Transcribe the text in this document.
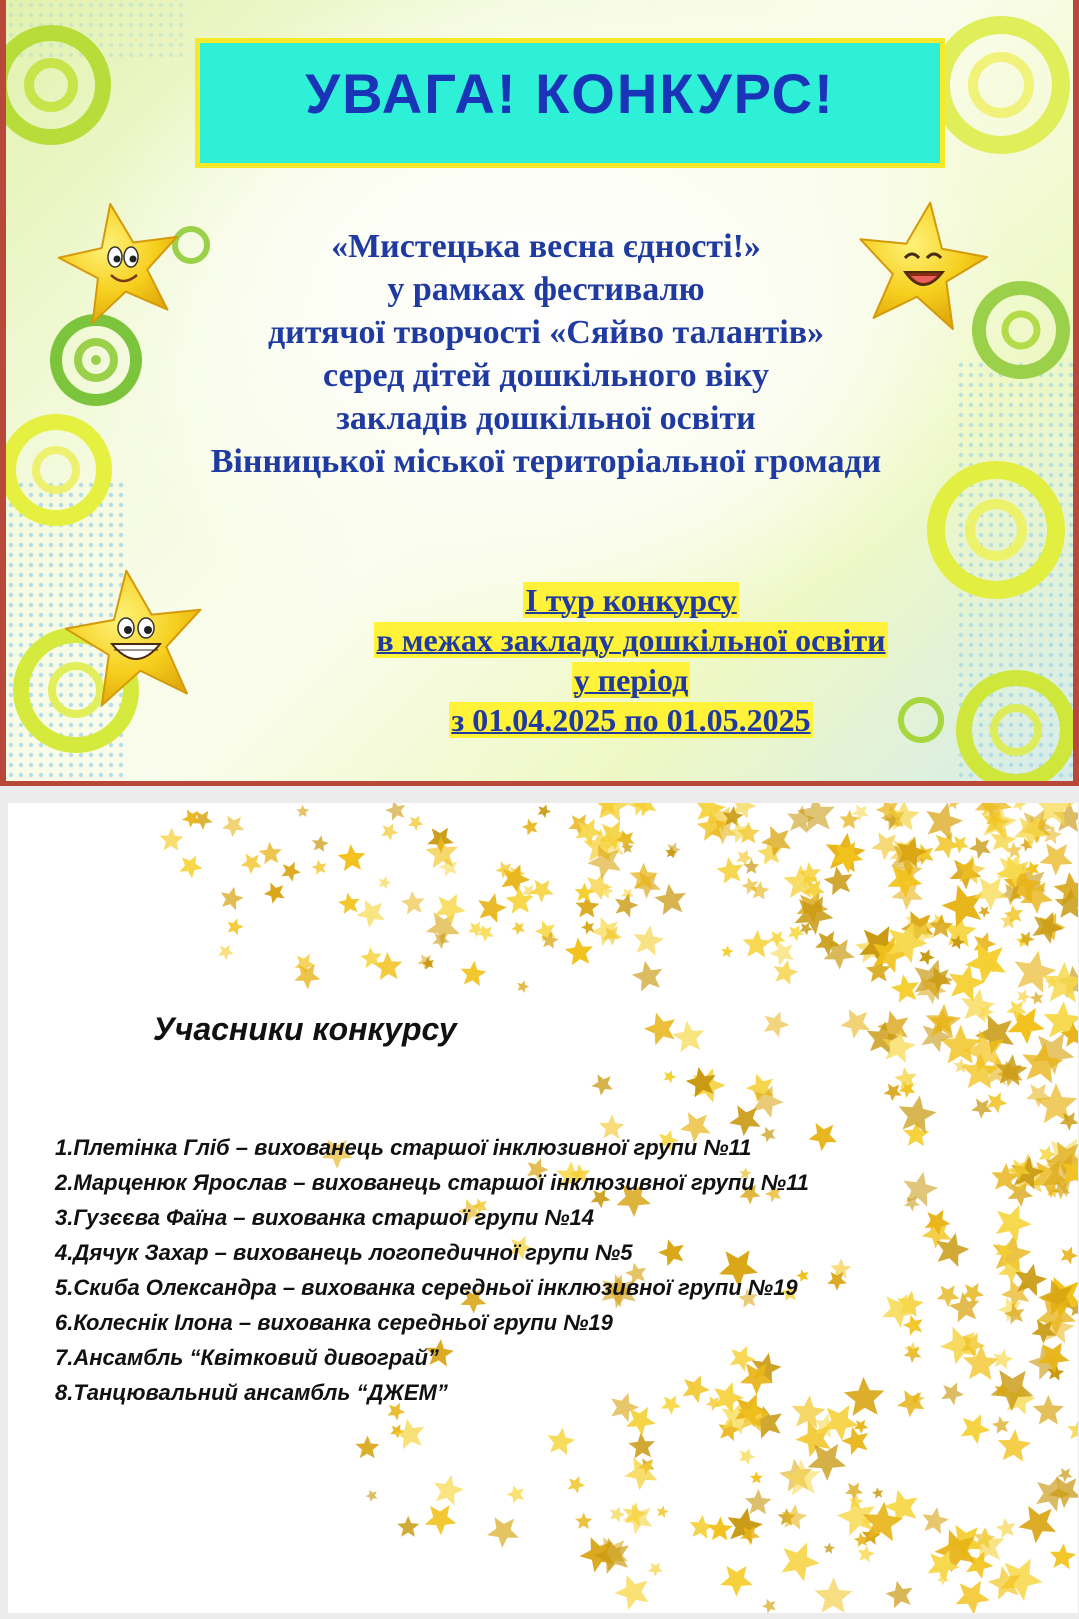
УВАГА! КОНКУРС!
«Мистецька весна єдності!»
у рамках фестивалю
дитячої творчості «Сяйво талантів»
серед дітей дошкільного віку
закладів дошкільної освіти
Вінницької міської територіальної громади
І тур конкурсу
в межах закладу дошкільної освіти
у період
з 01.04.2025 по 01.05.2025
Учасники конкурсу
1.Плетінка Гліб – вихованець старшої інклюзивної групи №11
2.Марценюк Ярослав – вихованець старшої інклюзивної групи №11
3.Гузєєва Фаїна – вихованка старшої групи №14
4.Дячук Захар – вихованець логопедичної групи №5
5.Скиба Олександра – вихованка середньої інклюзивної групи №19
6.Колеснік Ілона – вихованка середньої групи №19
7.Ансамбль “Квітковий дивограй”
8.Танцювальний ансамбль “ДЖЕМ”
